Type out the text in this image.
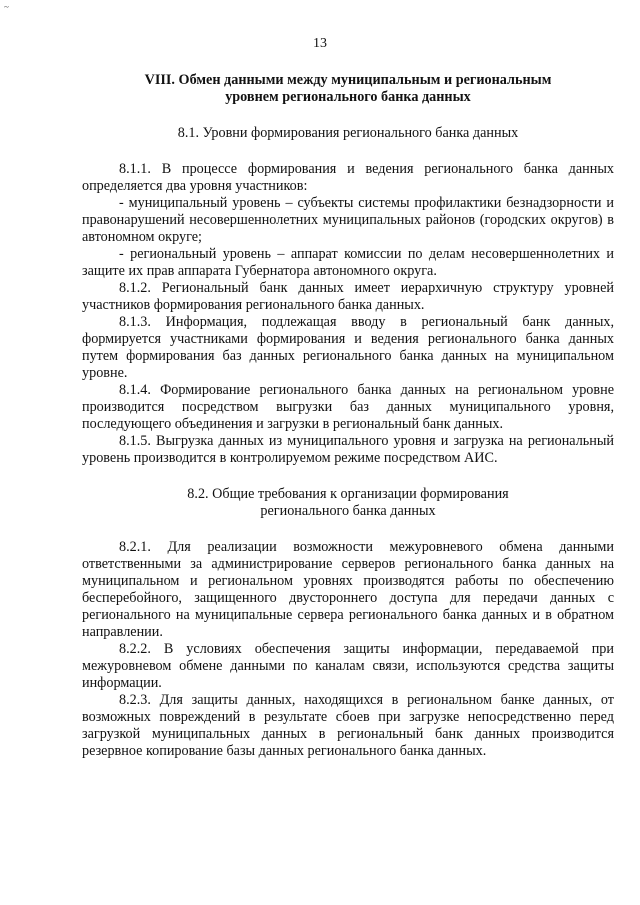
~
13

VIII. Обмен данными между муниципальным и региональным

уровнем регионального банка данных

8.1. Уровни формирования регионального банка данных

8.1.1. В процессе формирования и ведения регионального банка данных определяется два уровня участников:

- муниципальный уровень – субъекты системы профилактики безнадзорности и правонарушений несовершеннолетних муниципальных районов (городских округов) в автономном округе;

- региональный уровень – аппарат комиссии по делам несовершеннолетних и защите их прав аппарата Губернатора автономного округа.

8.1.2. Региональный банк данных имеет иерархичную структуру уровней участников формирования регионального банка данных.

8.1.3. Информация, подлежащая вводу в региональный банк данных, формируется участниками формирования и ведения регионального банка данных путем формирования баз данных регионального банка данных на муниципальном уровне.

8.1.4. Формирование регионального банка данных на региональном уровне производится посредством выгрузки баз данных муниципального уровня, последующего объединения и загрузки в региональный банк данных.

8.1.5. Выгрузка данных из муниципального уровня и загрузка на региональный уровень производится в контролируемом режиме посредством АИС.

8.2. Общие требования к организации формирования

регионального банка данных

8.2.1. Для реализации возможности межуровневого обмена данными ответственными за администрирование серверов регионального банка данных на муниципальном и региональном уровнях производятся работы по обеспечению бесперебойного, защищенного двустороннего доступа для передачи данных с регионального на муниципальные сервера регионального банка данных и в обратном направлении.

8.2.2. В условиях обеспечения защиты информации, передаваемой при межуровневом обмене данными по каналам связи, используются средства защиты информации.

8.2.3. Для защиты данных, находящихся в региональном банке данных, от возможных повреждений в результате сбоев при загрузке непосредственно перед загрузкой муниципальных данных в региональный банк данных производится резервное копирование базы данных регионального банка данных.
